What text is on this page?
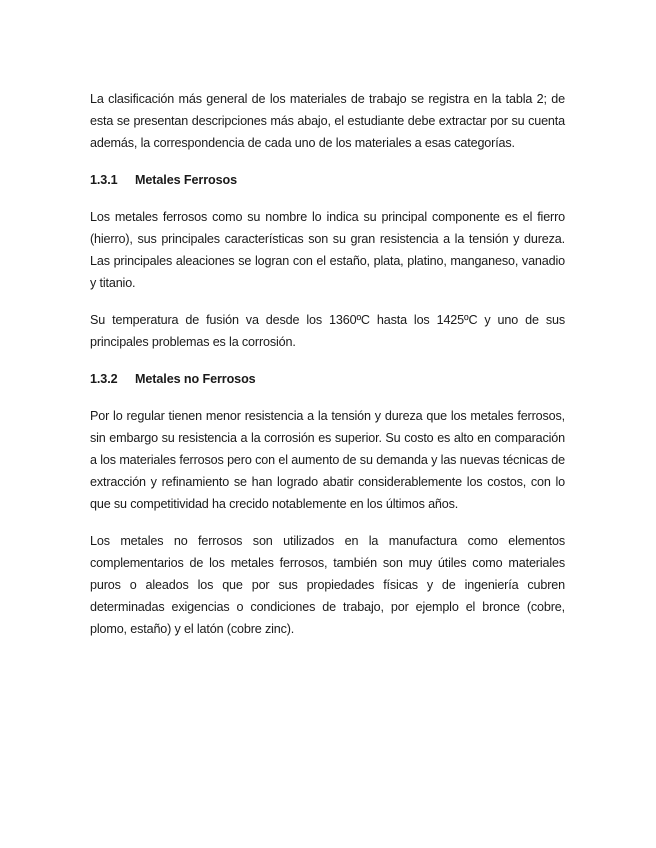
La clasificación más general de los materiales de trabajo se registra en la tabla 2; de esta se presentan descripciones más abajo, el estudiante debe extractar por su cuenta además, la correspondencia de cada uno de los materiales a esas categorías.

1.3.1 Metales Ferrosos

Los metales ferrosos como su nombre lo indica su principal componente es el fierro (hierro), sus principales características son su gran resistencia a la tensión y dureza. Las principales aleaciones se logran con el estaño, plata, platino, manganeso, vanadio y titanio.

Su temperatura de fusión va desde los 1360ºC hasta los 1425ºC y uno de sus principales problemas es la corrosión.

1.3.2 Metales no Ferrosos

Por lo regular tienen menor resistencia a la tensión y dureza que los metales ferrosos, sin embargo su resistencia a la corrosión es superior. Su costo es alto en comparación a los materiales ferrosos pero con el aumento de su demanda y las nuevas técnicas de extracción y refinamiento se han logrado abatir considerablemente los costos, con lo que su competitividad ha crecido notablemente en los últimos años.

Los metales no ferrosos son utilizados en la manufactura como elementos complementarios de los metales ferrosos, también son muy útiles como materiales puros o aleados los que por sus propiedades físicas y de ingeniería cubren determinadas exigencias o condiciones de trabajo, por ejemplo el bronce (cobre, plomo, estaño) y el latón (cobre zinc).
